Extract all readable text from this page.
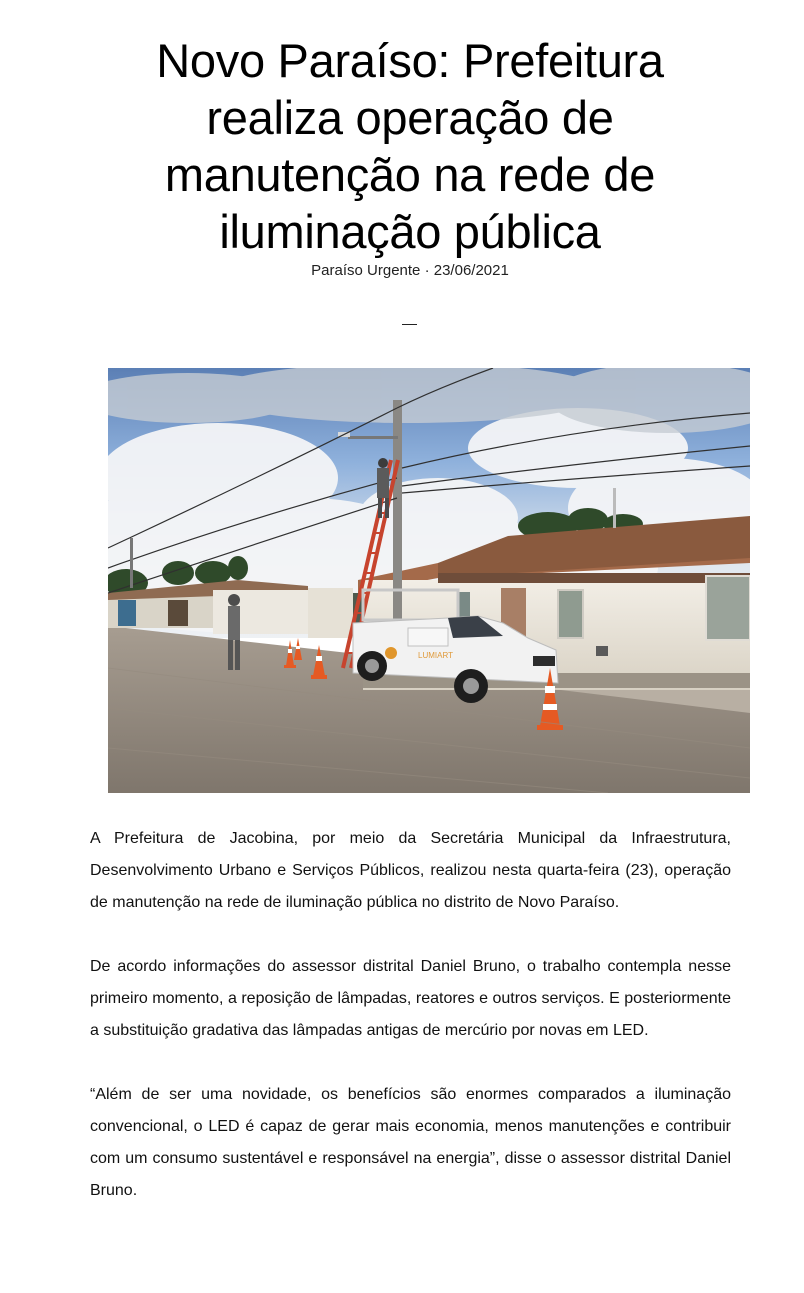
Novo Paraíso: Prefeitura realiza operação de manutenção na rede de iluminação pública
Paraíso Urgente · 23/06/2021
LUMIART

A Prefeitura de Jacobina, por meio da Secretária Municipal da Infraestrutura, Desenvolvimento Urbano e Serviços Públicos, realizou nesta quarta-feira (23), operação de manutenção na rede de iluminação pública no distrito de Novo Paraíso.

De acordo informações do assessor distrital Daniel Bruno, o trabalho contempla nesse primeiro momento, a reposição de lâmpadas, reatores e outros serviços. E posteriormente a substituição gradativa das lâmpadas antigas de mercúrio por novas em LED.

“Além de ser uma novidade, os benefícios são enormes comparados a iluminação convencional, o LED é capaz de gerar mais economia, menos manutenções e contribuir com um consumo sustentável e responsável na energia”, disse o assessor distrital Daniel Bruno.
